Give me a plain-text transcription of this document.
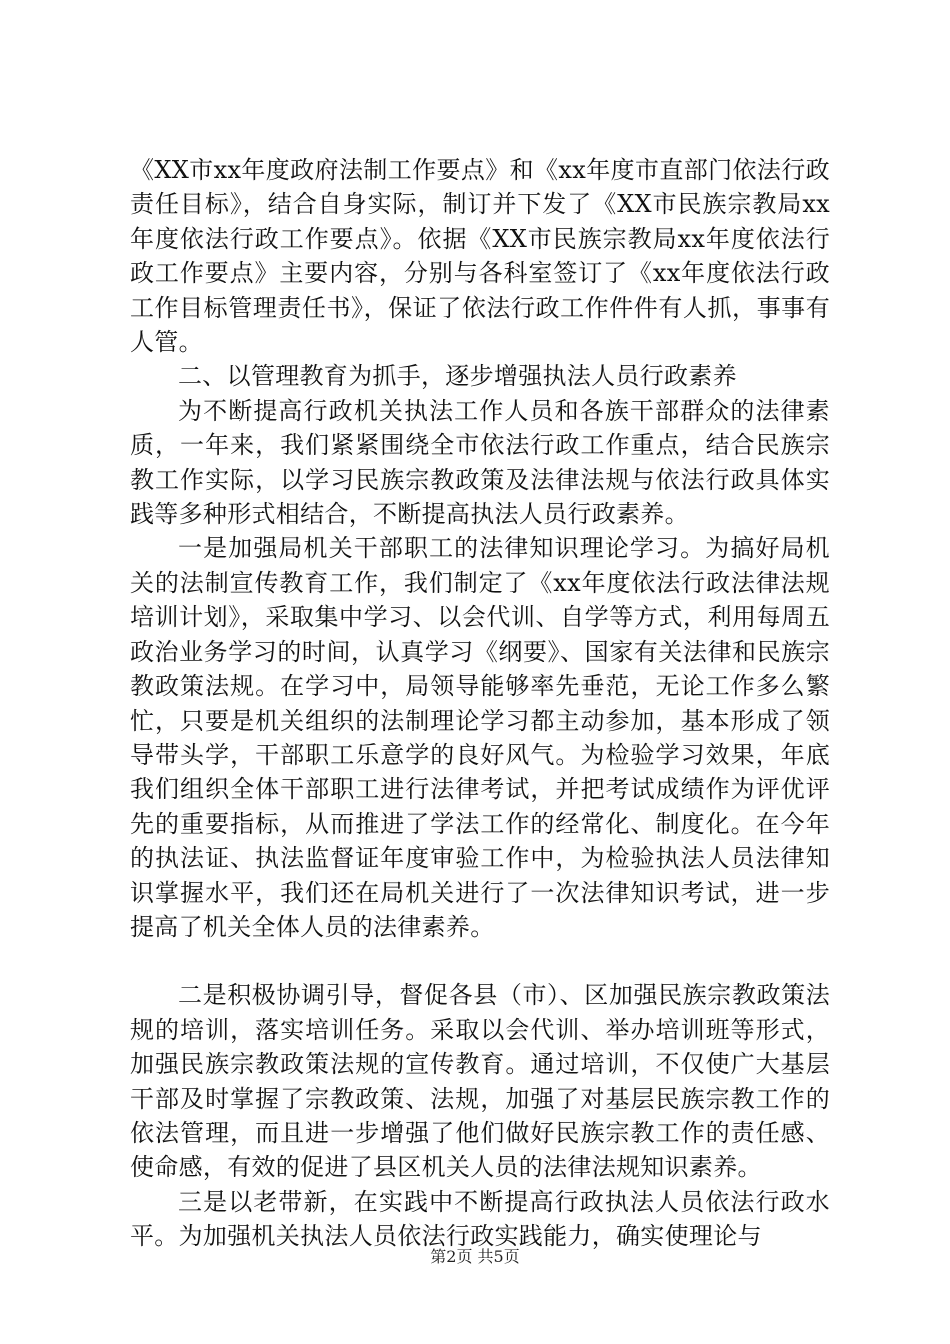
《XX市xx年度政府法制工作要点》和《xx年度市直部门依法行政责任目标》，结合自身实际，制订并下发了《XX市民族宗教局xx年度依法行政工作要点》。依据《XX市民族宗教局xx年度依法行政工作要点》主要内容，分别与各科室签订了《xx年度依法行政工作目标管理责任书》，保证了依法行政工作件件有人抓，事事有人管。

二、以管理教育为抓手，逐步增强执法人员行政素养

为不断提高行政机关执法工作人员和各族干部群众的法律素质，一年来，我们紧紧围绕全市依法行政工作重点，结合民族宗教工作实际，以学习民族宗教政策及法律法规与依法行政具体实践等多种形式相结合，不断提高执法人员行政素养。

一是加强局机关干部职工的法律知识理论学习。为搞好局机关的法制宣传教育工作，我们制定了《xx年度依法行政法律法规培训计划》，采取集中学习、以会代训、自学等方式，利用每周五政治业务学习的时间，认真学习《纲要》、国家有关法律和民族宗教政策法规。在学习中，局领导能够率先垂范，无论工作多么繁忙，只要是机关组织的法制理论学习都主动参加，基本形成了领导带头学，干部职工乐意学的良好风气。为检验学习效果，年底我们组织全体干部职工进行法律考试，并把考试成绩作为评优评先的重要指标，从而推进了学法工作的经常化、制度化。在今年的执法证、执法监督证年度审验工作中，为检验执法人员法律知识掌握水平，我们还在局机关进行了一次法律知识考试，进一步提高了机关全体人员的法律素养。

二是积极协调引导，督促各县（市）、区加强民族宗教政策法规的培训，落实培训任务。采取以会代训、举办培训班等形式，加强民族宗教政策法规的宣传教育。通过培训，不仅使广大基层干部及时掌握了宗教政策、法规，加强了对基层民族宗教工作的依法管理，而且进一步增强了他们做好民族宗教工作的责任感、使命感，有效的促进了县区机关人员的法律法规知识素养。

三是以老带新，在实践中不断提高行政执法人员依法行政水平。为加强机关执法人员依法行政实践能力，确实使理论与

第2页 共5页
